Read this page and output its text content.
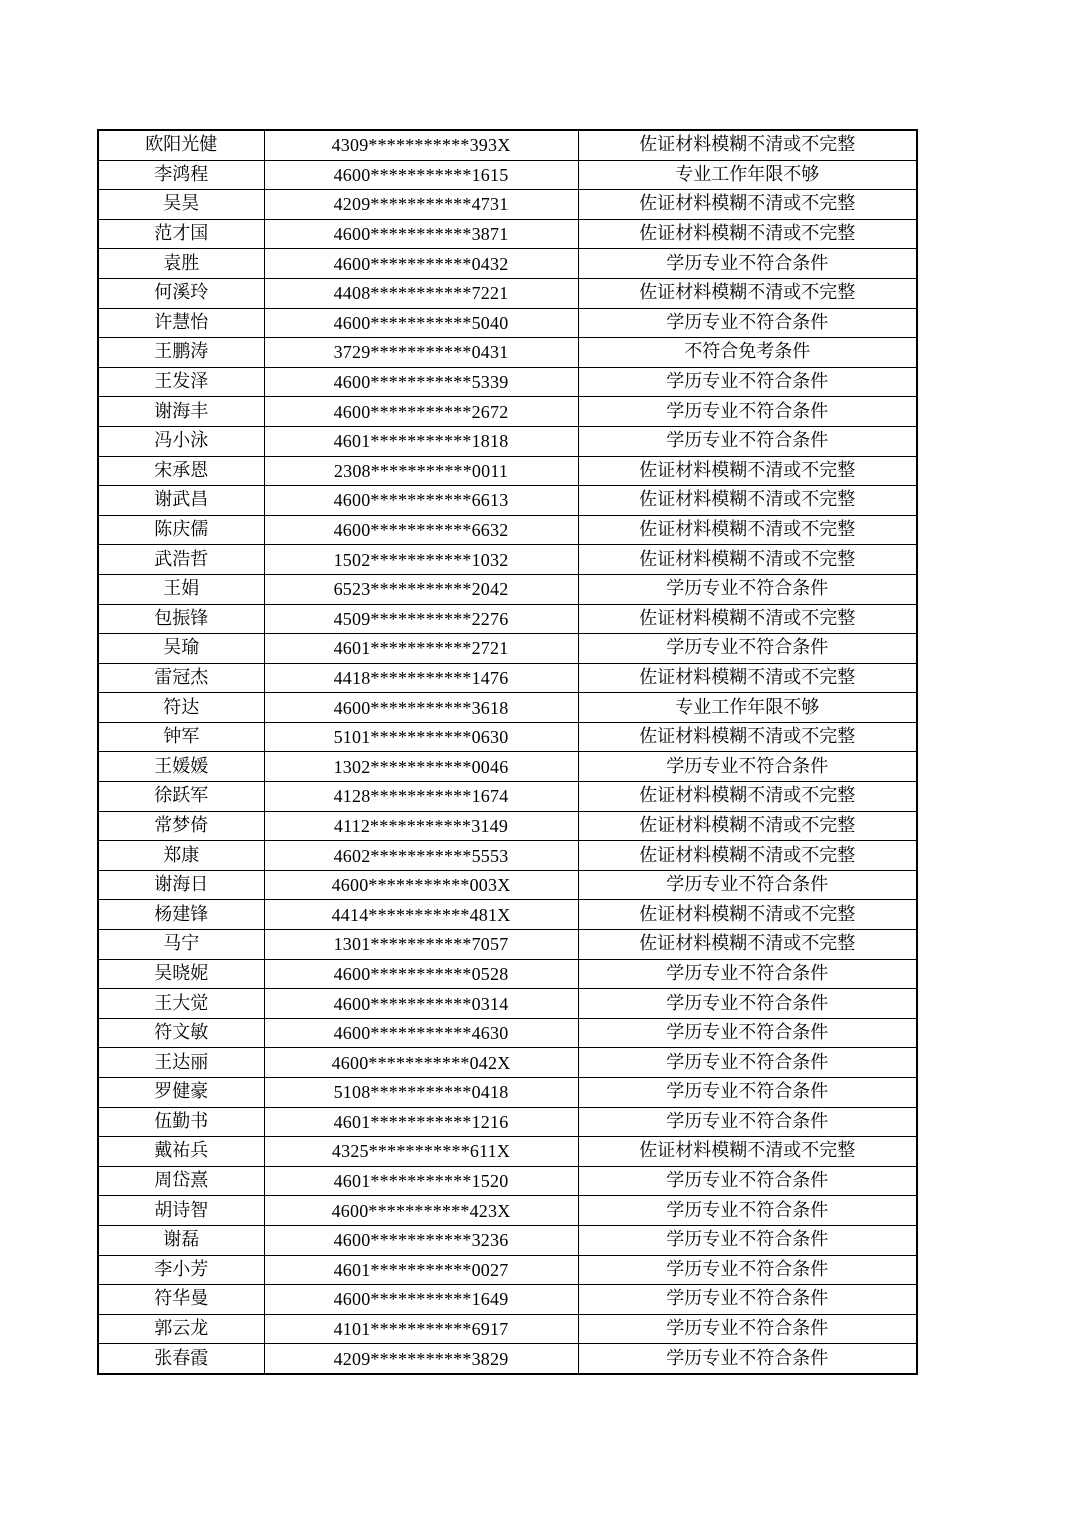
欧阳光健	4309***********393X	佐证材料模糊不清或不完整
李鸿程	4600***********1615	专业工作年限不够
吴昊	4209***********4731	佐证材料模糊不清或不完整
范才国	4600***********3871	佐证材料模糊不清或不完整
袁胜	4600***********0432	学历专业不符合条件
何溪玲	4408***********7221	佐证材料模糊不清或不完整
许慧怡	4600***********5040	学历专业不符合条件
王鹏涛	3729***********0431	不符合免考条件
王发泽	4600***********5339	学历专业不符合条件
谢海丰	4600***********2672	学历专业不符合条件
冯小泳	4601***********1818	学历专业不符合条件
宋承恩	2308***********0011	佐证材料模糊不清或不完整
谢武昌	4600***********6613	佐证材料模糊不清或不完整
陈庆儒	4600***********6632	佐证材料模糊不清或不完整
武浩哲	1502***********1032	佐证材料模糊不清或不完整
王娟	6523***********2042	学历专业不符合条件
包振锋	4509***********2276	佐证材料模糊不清或不完整
吴瑜	4601***********2721	学历专业不符合条件
雷冠杰	4418***********1476	佐证材料模糊不清或不完整
符达	4600***********3618	专业工作年限不够
钟军	5101***********0630	佐证材料模糊不清或不完整
王媛媛	1302***********0046	学历专业不符合条件
徐跃军	4128***********1674	佐证材料模糊不清或不完整
常梦倚	4112***********3149	佐证材料模糊不清或不完整
郑康	4602***********5553	佐证材料模糊不清或不完整
谢海日	4600***********003X	学历专业不符合条件
杨建锋	4414***********481X	佐证材料模糊不清或不完整
马宁	1301***********7057	佐证材料模糊不清或不完整
吴晓妮	4600***********0528	学历专业不符合条件
王大觉	4600***********0314	学历专业不符合条件
符文敏	4600***********4630	学历专业不符合条件
王达丽	4600***********042X	学历专业不符合条件
罗健豪	5108***********0418	学历专业不符合条件
伍勤书	4601***********1216	学历专业不符合条件
戴祐兵	4325***********611X	佐证材料模糊不清或不完整
周岱熹	4601***********1520	学历专业不符合条件
胡诗智	4600***********423X	学历专业不符合条件
谢磊	4600***********3236	学历专业不符合条件
李小芳	4601***********0027	学历专业不符合条件
符华曼	4600***********1649	学历专业不符合条件
郭云龙	4101***********6917	学历专业不符合条件
张春霞	4209***********3829	学历专业不符合条件
